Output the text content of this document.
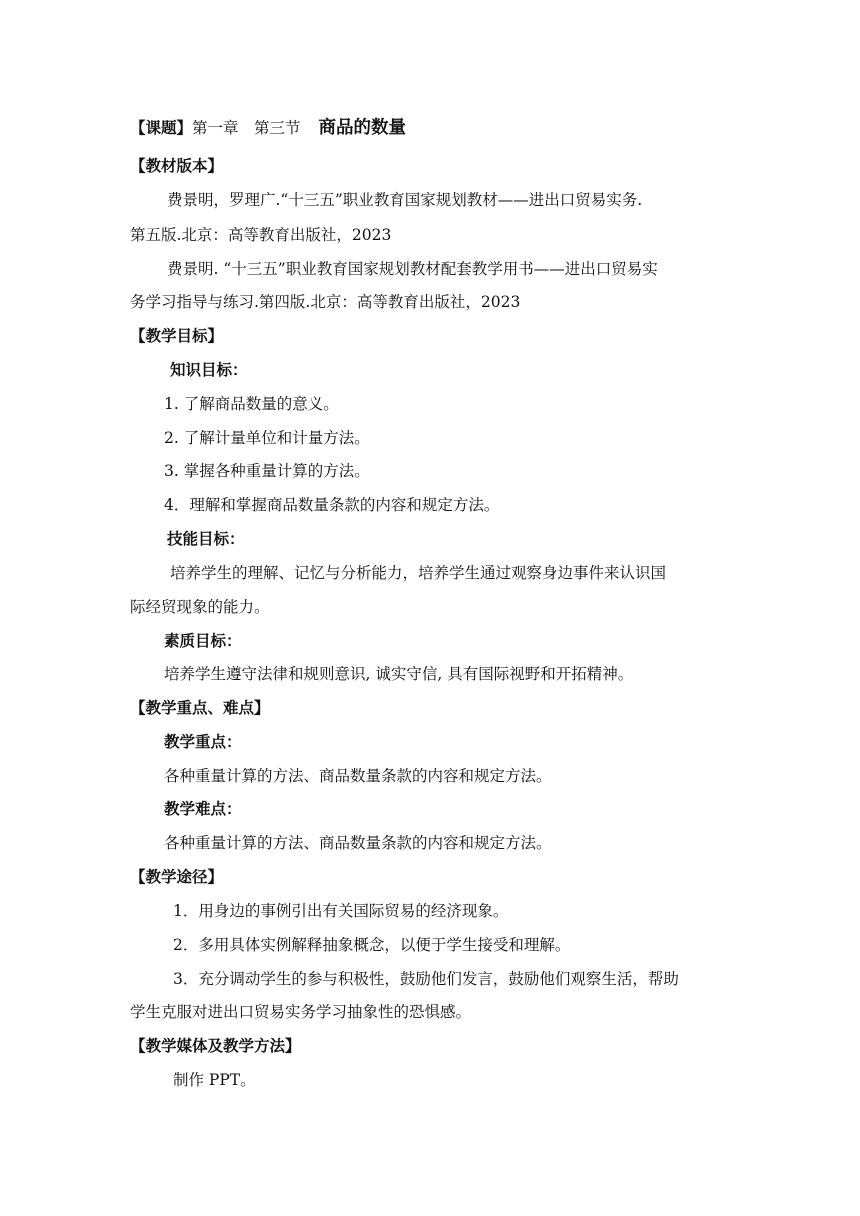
【课题】第一章　第三节 商品的数量
【教材版本】
费景明，罗理广.“十三五”职业教育国家规划教材——进出口贸易实务.
第五版.北京：高等教育出版社，2023
费景明. “十三五”职业教育国家规划教材配套教学用书——进出口贸易实
务学习指导与练习.第四版.北京：高等教育出版社，2023
【教学目标】
知识目标：
1. 了解商品数量的意义。
2. 了解计量单位和计量方法。
3. 掌握各种重量计算的方法。
4．理解和掌握商品数量条款的内容和规定方法。
技能目标：
培养学生的理解、记忆与分析能力，培养学生通过观察身边事件来认识国
际经贸现象的能力。
素质目标：
培养学生遵守法律和规则意识, 诚实守信, 具有国际视野和开拓精神。
【教学重点、难点】
教学重点：
各种重量计算的方法、商品数量条款的内容和规定方法。
教学难点：
各种重量计算的方法、商品数量条款的内容和规定方法。
【教学途径】
1．用身边的事例引出有关国际贸易的经济现象。
2．多用具体实例解释抽象概念，以便于学生接受和理解。
3．充分调动学生的参与积极性，鼓励他们发言，鼓励他们观察生活，帮助
学生克服对进出口贸易实务学习抽象性的恐惧感。
【教学媒体及教学方法】
制作 PPT。
